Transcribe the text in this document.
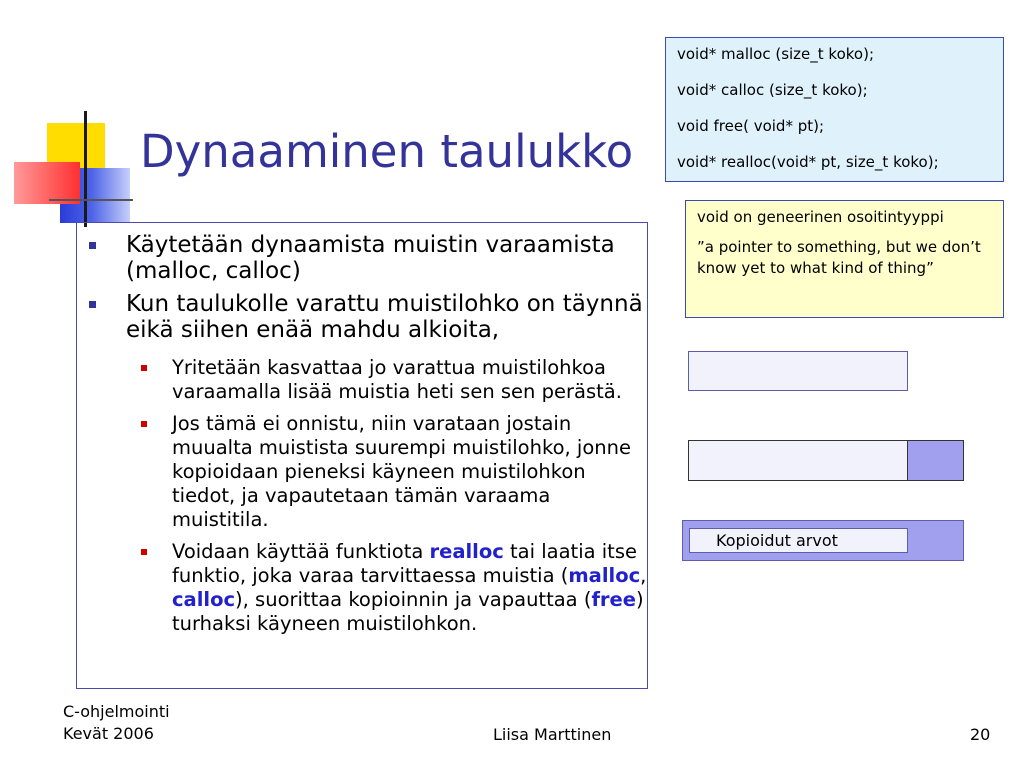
Dynaaminen taulukko
Käytetään dynaamista muistin varaamista (malloc, calloc)
Kun taulukolle varattu muistilohko on täynnä eikä siihen enää mahdu alkioita,
Yritetään kasvattaa jo varattua muistilohkoa varaamalla lisää muistia heti sen sen perästä.
Jos tämä ei onnistu, niin varataan jostain muualta muistista suurempi muistilohko, jonne kopioidaan pieneksi käyneen muistilohkon tiedot, ja vapautetaan tämän varaama muistitila.
Voidaan käyttää funktiota realloc tai laatia itse funktio, joka varaa tarvittaessa muistia (malloc, calloc), suorittaa kopioinnin ja vapauttaa (free) turhaksi käyneen muistilohkon.
void* malloc (size_t koko);
void* calloc (size_t koko);
void free( void* pt);
void* realloc(void* pt, size_t koko);

void on geneerinen osoitintyyppi

”a pointer to something, but we don’t know yet to what kind of thing”

Kopioidut arvot
C-ohjelmointi
Kevät 2006	Liisa Marttinen	20
